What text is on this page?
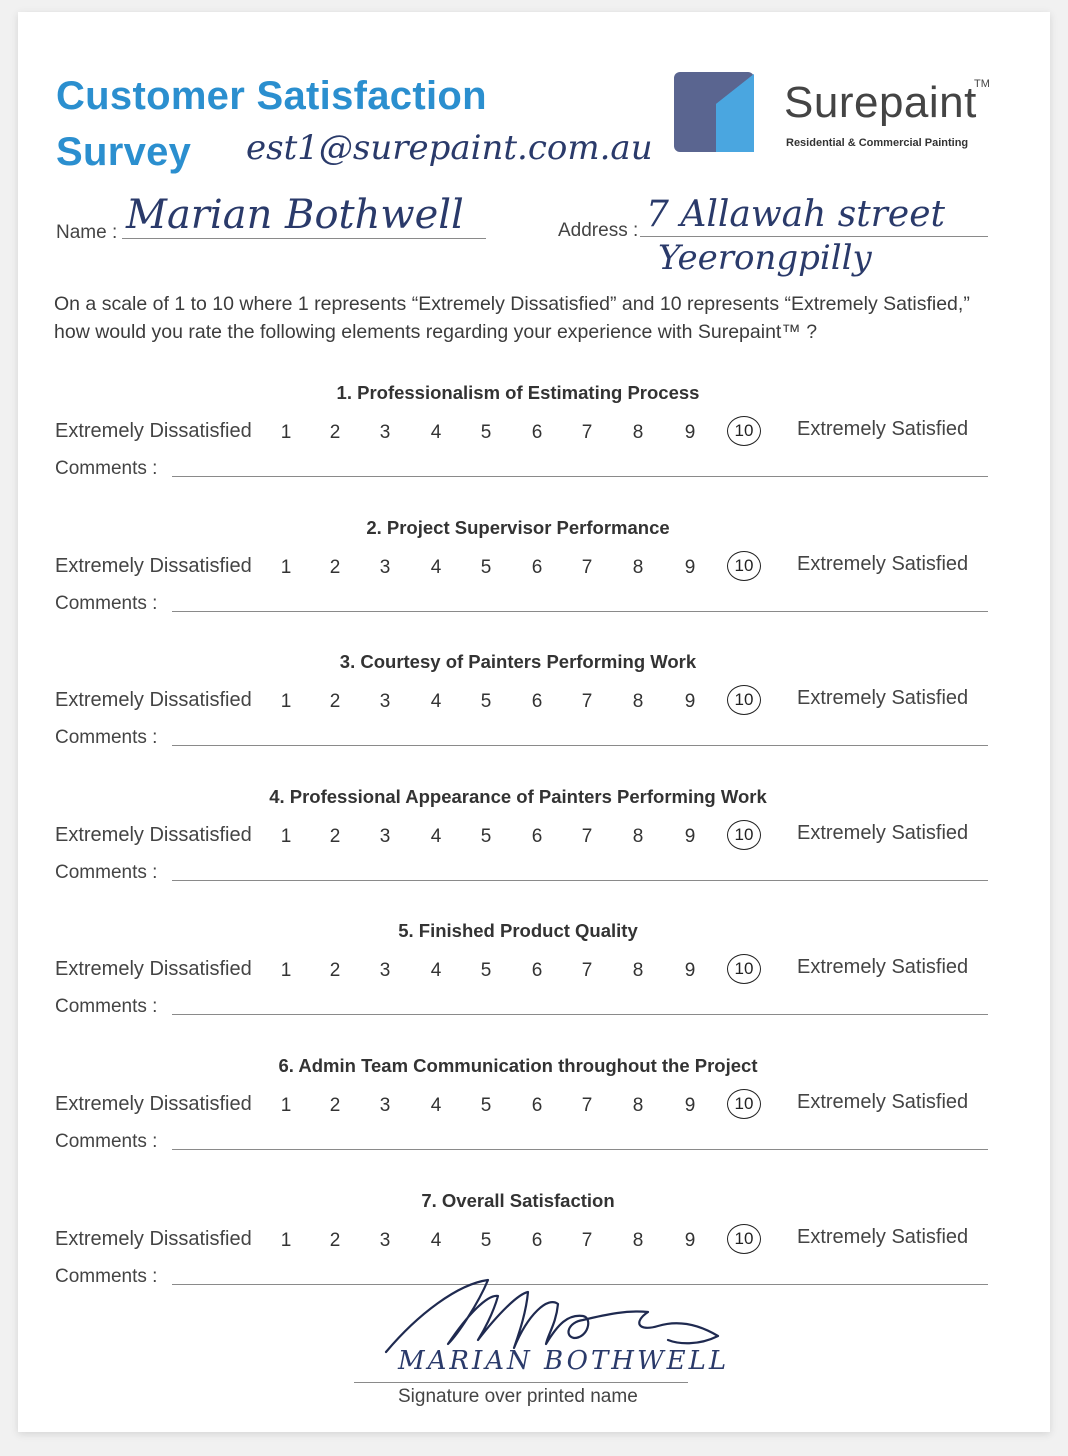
Customer Satisfaction
Survey est1@surepaint.com.au
Surepaint
TM
Residential & Commercial Painting
Name : Marian Bothwell	Address : 7 Allawah street
Yeerongpilly
On a scale of 1 to 10 where 1 represents “Extremely Dissatisfied” and 10 represents “Extremely Satisfied,”
how would you rate the following elements regarding your experience with Surepaint™ ?
1. Professionalism of Estimating Process
Extremely Dissatisfied	1	2	3	4	5	6	7	8	9	10	Extremely Satisfied
Comments :
2. Project Supervisor Performance
Extremely Dissatisfied	1	2	3	4	5	6	7	8	9	10	Extremely Satisfied
Comments :
3. Courtesy of Painters Performing Work
Extremely Dissatisfied	1	2	3	4	5	6	7	8	9	10	Extremely Satisfied
Comments :
4. Professional Appearance of Painters Performing Work
Extremely Dissatisfied	1	2	3	4	5	6	7	8	9	10	Extremely Satisfied
Comments :
5. Finished Product Quality
Extremely Dissatisfied	1	2	3	4	5	6	7	8	9	10	Extremely Satisfied
Comments :
6. Admin Team Communication throughout the Project
Extremely Dissatisfied	1	2	3	4	5	6	7	8	9	10	Extremely Satisfied
Comments :
7. Overall Satisfaction
Extremely Dissatisfied	1	2	3	4	5	6	7	8	9	10	Extremely Satisfied
Comments :
MARIAN BOTHWELL
Signature over printed name
